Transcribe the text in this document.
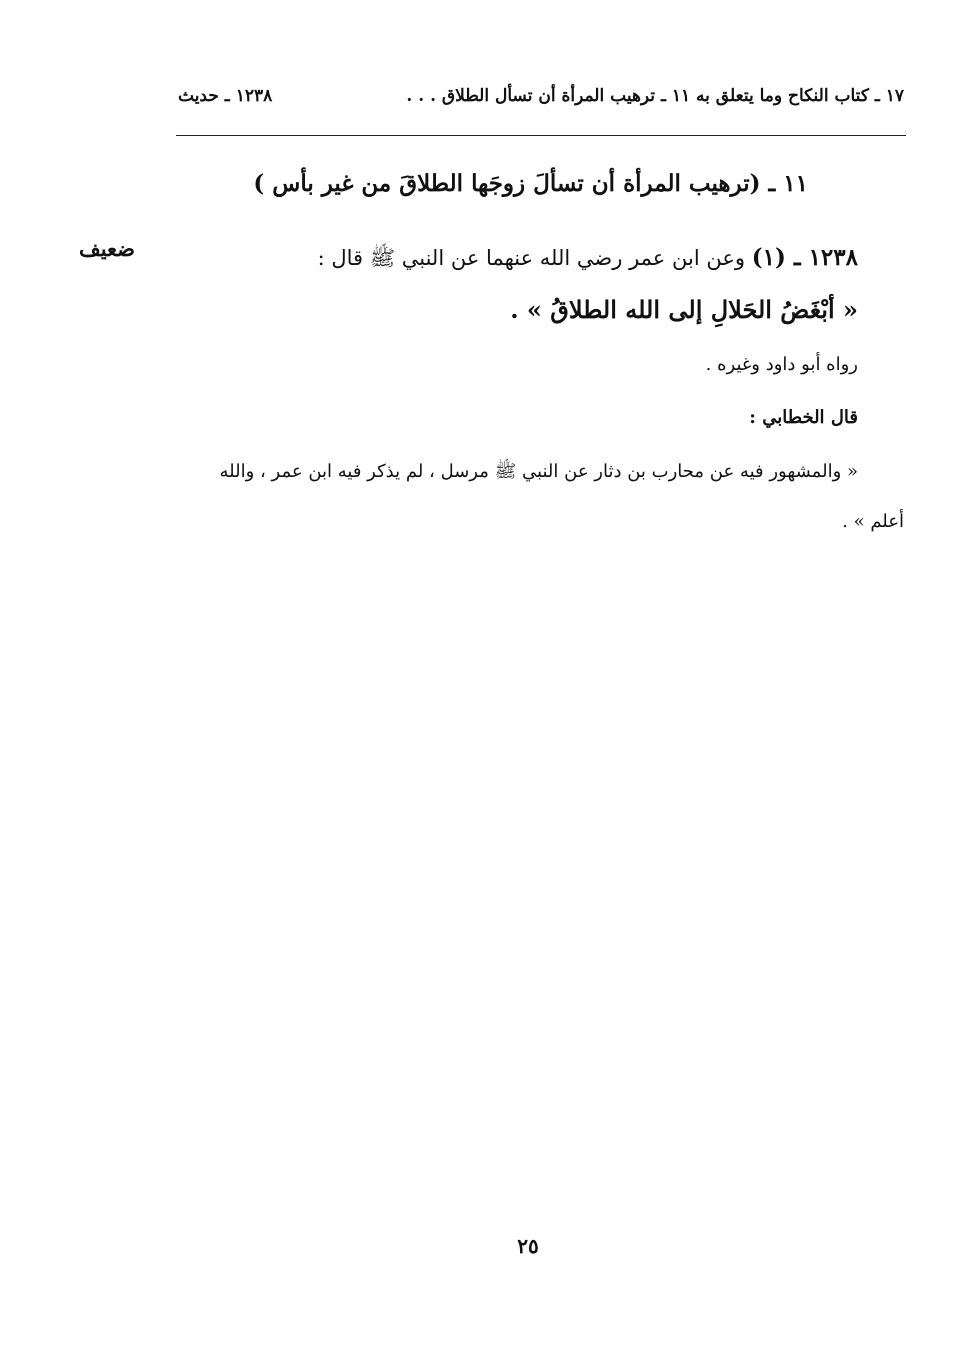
١٧ ـ كتاب النكاح وما يتعلق به ١١ ـ ترهيب المرأة أن تسأل الطلاق . . .
١٢٣٨ ـ حديث
١١ ـ (ترهيب المرأة أن تسألَ زوجَها الطلاقَ من غير بأس )
ضعيف	١٢٣٨ ـ (١) وعن ابن عمر رضي الله عنهما عن النبي ﷺ قال :
« أبْغَضُ الحَلالِ إلى الله الطلاقُ » .
رواه أبو داود وغيره .
قال الخطابي :
« والمشهور فيه عن محارب بن دثار عن النبي ﷺ مرسل ، لم يذكر فيه ابن عمر ، والله
أعلم » .
٢٥
